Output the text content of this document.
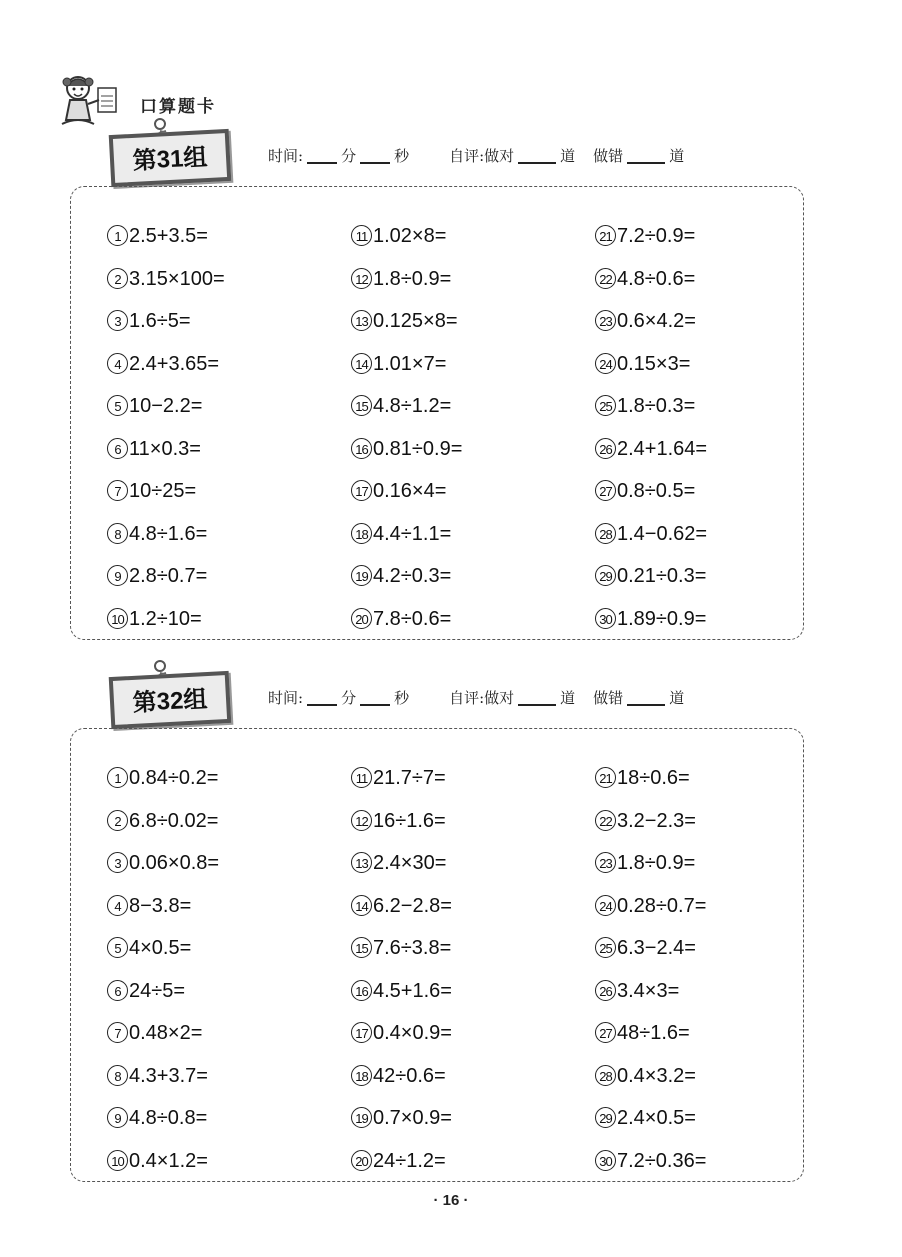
口算题卡
第31组	时间:	分	秒	自评:做对	道 做错	道
1 2.5+3.5=
2 3.15×100=
3 1.6÷5=
4 2.4+3.65=
5 10−2.2=
6 11×0.3=
7 10÷25=
8 4.8÷1.6=
9 2.8÷0.7=
10 1.2÷10=
11 1.02×8=
12 1.8÷0.9=
13 0.125×8=
14 1.01×7=
15 4.8÷1.2=
16 0.81÷0.9=
17 0.16×4=
18 4.4÷1.1=
19 4.2÷0.3=
20 7.8÷0.6=
21 7.2÷0.9=
22 4.8÷0.6=
23 0.6×4.2=
24 0.15×3=
25 1.8÷0.3=
26 2.4+1.64=
27 0.8÷0.5=
28 1.4−0.62=
29 0.21÷0.3=
30 1.89÷0.9=
第32组	时间:	分	秒	自评:做对	道 做错	道
1 0.84÷0.2=
2 6.8÷0.02=
3 0.06×0.8=
4 8−3.8=
5 4×0.5=
6 24÷5=
7 0.48×2=
8 4.3+3.7=
9 4.8÷0.8=
10 0.4×1.2=
11 21.7÷7=
12 16÷1.6=
13 2.4×30=
14 6.2−2.8=
15 7.6÷3.8=
16 4.5+1.6=
17 0.4×0.9=
18 42÷0.6=
19 0.7×0.9=
20 24÷1.2=
21 18÷0.6=
22 3.2−2.3=
23 1.8÷0.9=
24 0.28÷0.7=
25 6.3−2.4=
26 3.4×3=
27 48÷1.6=
28 0.4×3.2=
29 2.4×0.5=
30 7.2÷0.36=
· 16 ·
